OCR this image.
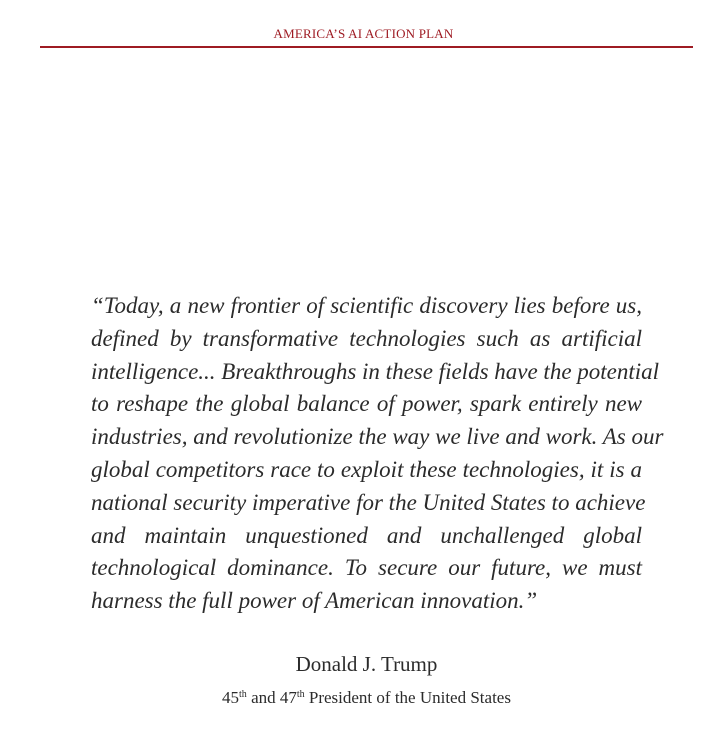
AMERICA’S AI ACTION PLAN
“Today, a new frontier of scientific discovery lies before us,
defined by transformative technologies such as artificial
intelligence... Breakthroughs in these fields have the potential
to reshape the global balance of power, spark entirely new
industries, and revolutionize the way we live and work. As our
global competitors race to exploit these technologies, it is a
national security imperative for the United States to achieve
and maintain unquestioned and unchallenged global
technological dominance. To secure our future, we must
harness the full power of American innovation.”
Donald J. Trump
45th and 47th President of the United States
